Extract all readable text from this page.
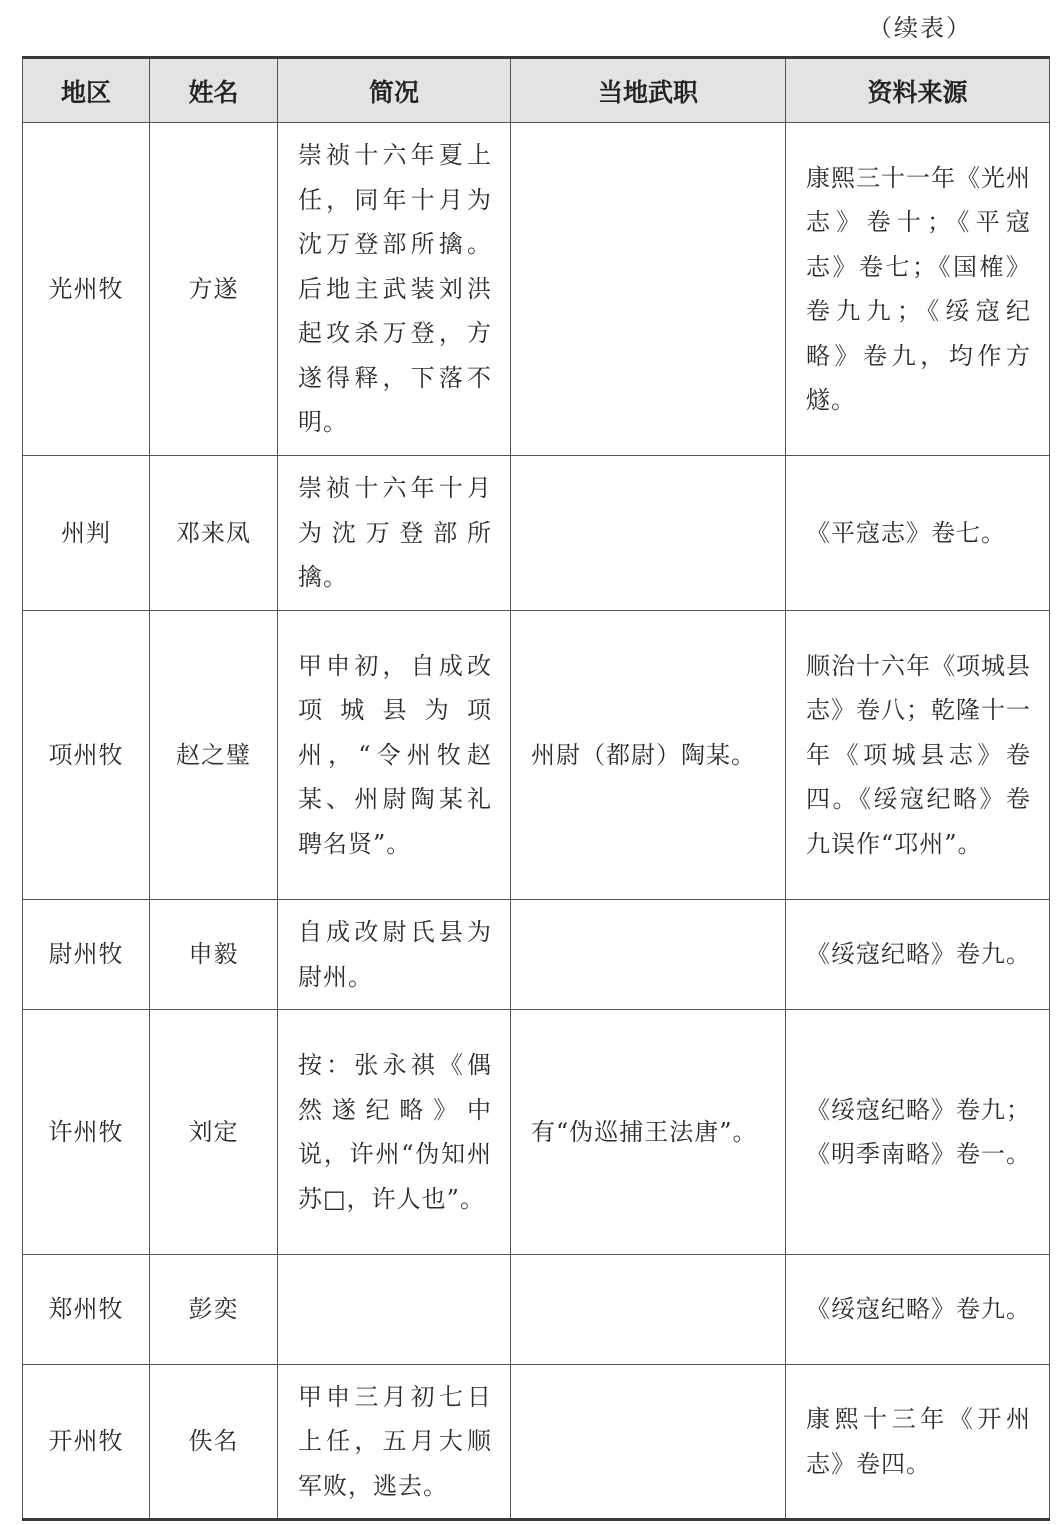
（续表）
地区	姓名	简况	当地武职	资料来源
光州牧	方遂	崇祯十六年夏上任，同年十月为沈万登部所擒。后地主武装刘洪起攻杀万登，方遂得释，下落不明。		康熙三十一年《光州志》卷十；《平寇志》卷七；《国榷》卷九九；《绥寇纪略》卷九，均作方燧。
州判	邓来凤	崇祯十六年十月为沈万登部所擒。		《平寇志》卷七。
项州牧	赵之璧	甲申初，自成改项城县为项州，“令州牧赵某、州尉陶某礼聘名贤”。	州尉（都尉）陶某。	顺治十六年《项城县志》卷八；乾隆十一年《项城县志》卷四。《绥寇纪略》卷九误作“邛州”。
尉州牧	申毅	自成改尉氏县为尉州。		《绥寇纪略》卷九。
许州牧	刘定	按：张永祺《偶然遂纪略》中说，许州“伪知州苏□，许人也”。	有“伪巡捕王法唐”。	《绥寇纪略》卷九；《明季南略》卷一。
郑州牧	彭奕			《绥寇纪略》卷九。
开州牧	佚名	甲申三月初七日上任，五月大顺军败，逃去。		康熙十三年《开州志》卷四。
